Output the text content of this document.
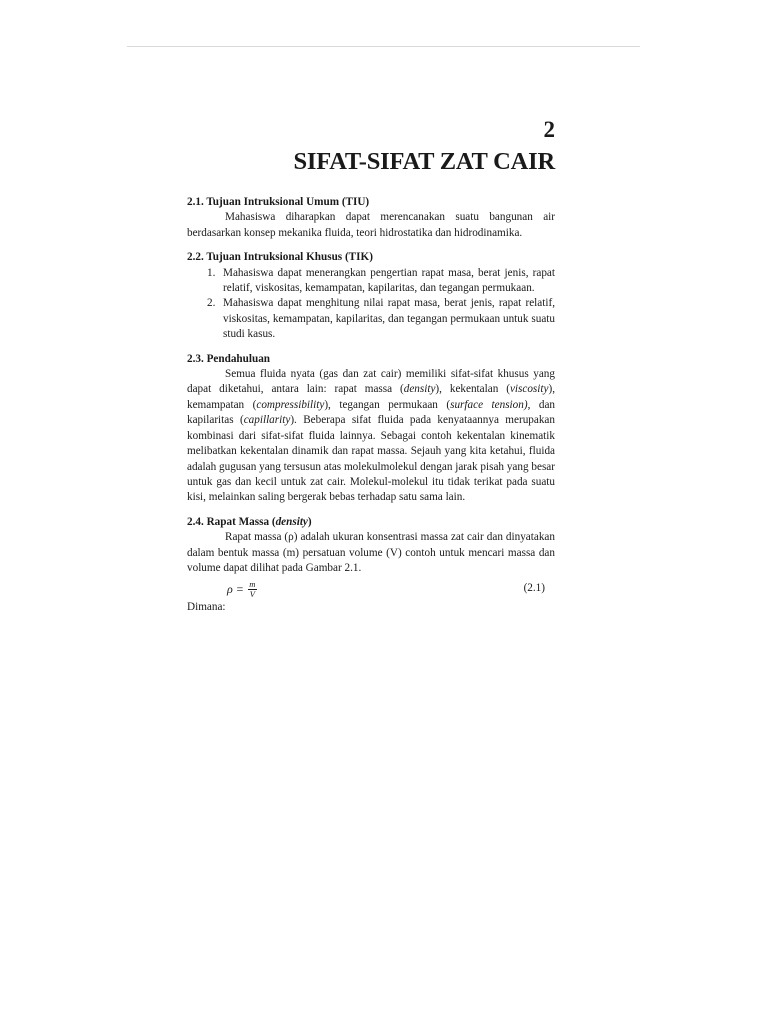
2
SIFAT-SIFAT ZAT CAIR
2.1. Tujuan Intruksional Umum (TIU)
Mahasiswa diharapkan dapat merencanakan suatu bangunan air berdasarkan konsep mekanika fluida, teori hidrostatika dan hidrodinamika.
2.2. Tujuan Intruksional Khusus (TIK)
1. Mahasiswa dapat menerangkan pengertian rapat masa, berat jenis, rapat relatif, viskositas, kemampatan, kapilaritas, dan tegangan permukaan.
2. Mahasiswa dapat menghitung nilai rapat masa, berat jenis, rapat relatif, viskositas, kemampatan, kapilaritas, dan tegangan permukaan untuk suatu studi kasus.
2.3. Pendahuluan
Semua fluida nyata (gas dan zat cair) memiliki sifat-sifat khusus yang dapat diketahui, antara lain: rapat massa (density), kekentalan (viscosity), kemampatan (compressibility), tegangan permukaan (surface tension), dan kapilaritas (capillarity). Beberapa sifat fluida pada kenyataannya merupakan kombinasi dari sifat-sifat fluida lainnya. Sebagai contoh kekentalan kinematik melibatkan kekentalan dinamik dan rapat massa. Sejauh yang kita ketahui, fluida adalah gugusan yang tersusun atas molekulmolekul dengan jarak pisah yang besar untuk gas dan kecil untuk zat cair. Molekul-molekul itu tidak terikat pada suatu kisi, melainkan saling bergerak bebas terhadap satu sama lain.
2.4. Rapat Massa (density)
Rapat massa (ρ) adalah ukuran konsentrasi massa zat cair dan dinyatakan dalam bentuk massa (m) persatuan volume (V) contoh untuk mencari massa dan volume dapat dilihat pada Gambar 2.1.
$\rho = \frac{m}{V}$	(2.1)
Dimana:
